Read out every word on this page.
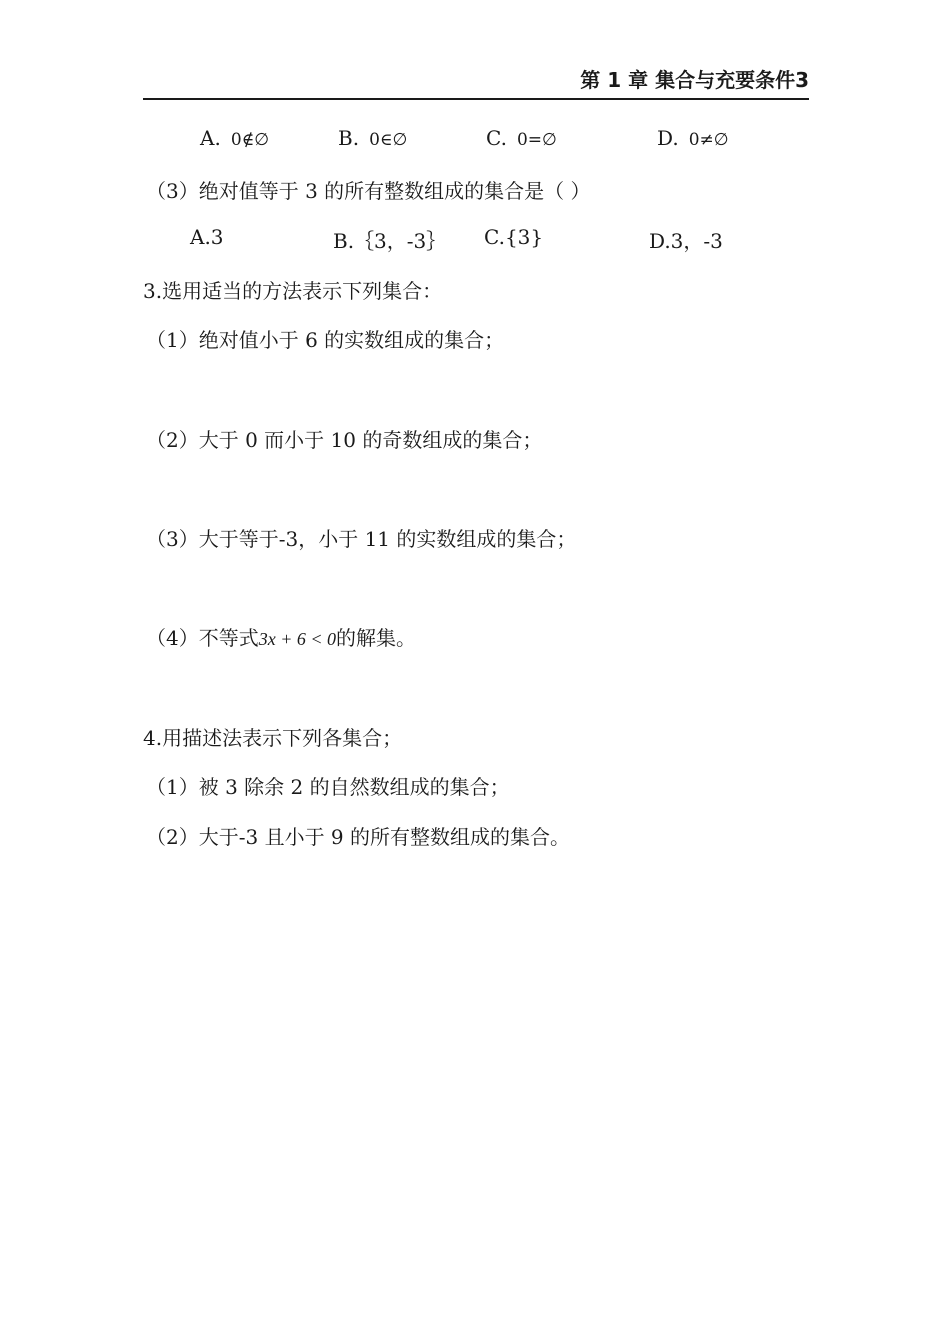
第 1 章 集合与充要条件3
A. 0∉∅	B. 0∈∅	C. 0=∅	D. 0≠∅
（3）绝对值等于 3 的所有整数组成的集合是（ ）
A.3	B.｛3，-3｝ C.{3}	D.3，-3
3.选用适当的方法表示下列集合：
（1）绝对值小于 6 的实数组成的集合；
（2）大于 0 而小于 10 的奇数组成的集合；
（3）大于等于-3，小于 11 的实数组成的集合；
（4）不等式3x + 6 < 0的解集。
4.用描述法表示下列各集合；
（1）被 3 除余 2 的自然数组成的集合；
（2）大于-3 且小于 9 的所有整数组成的集合。
